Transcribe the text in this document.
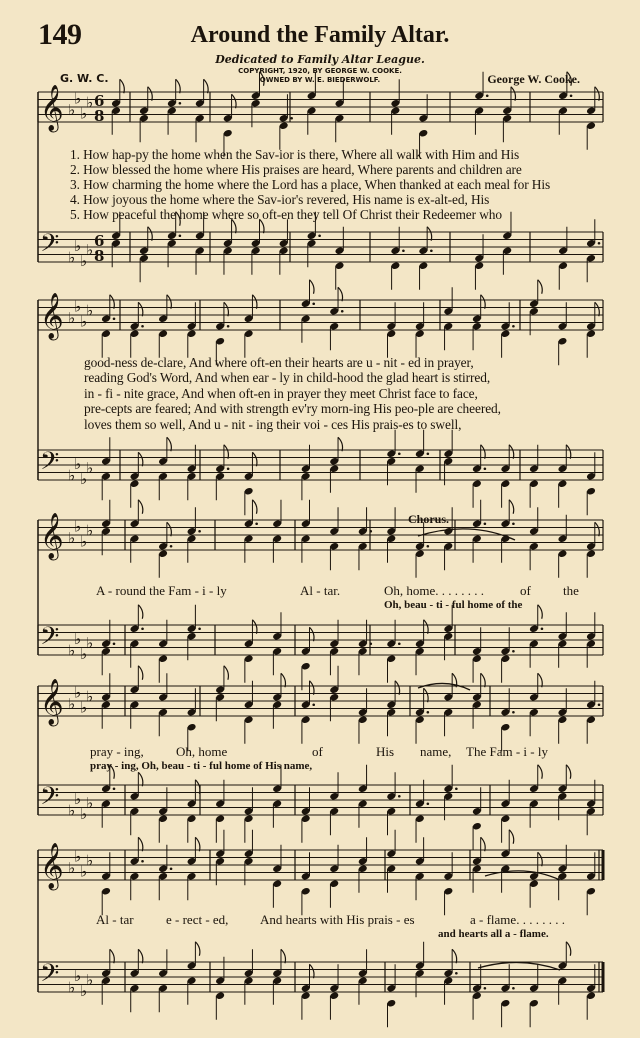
149	Around the Family Altar.
Dedicated to Family Altar League.
COPYRIGHT, 1920, BY GEORGE W. COOKE.
OWNED BY W. E. BIEDERWOLF.
G. W. C.	George W. Cooke.
𝄞 ♭
♭
♭
♭ 6
8
𝄢 ♭
♭
♭
♭ 6
8
𝄞 ♭
♭
♭
♭
𝄢 ♭
♭
♭
♭
𝄞 ♭
♭
♭
♭
𝄢 ♭
♭
♭
♭
𝄞 ♭
♭
♭
♭
𝄢 ♭
♭
♭
♭
𝄞 ♭
♭
♭
♭
𝄢 ♭
♭
♭
♭
1. How hap-py the home when the Sav-ior is there, Where all walk with Him and His
2. How blessed the home where His praises are heard, Where parents and children are
3. How charming the home where the Lord has a place, When thanked at each meal for His
4. How joyous the home where the Sav-ior's revered, His name is ex-alt-ed, His
5. How peaceful the home where so oft-en they tell Of Christ their Redeemer who
good-ness de-clare, And where oft-en their hearts are u - nit - ed in prayer,
reading God's Word, And when ear - ly in child-hood the glad heart is stirred,
in - fi - nite grace, And when oft-en in prayer they meet Christ face to face,
pre-cepts are feared; And with strength ev'ry morn-ing His peo-ple are cheered,
loves them so well, And u - nit - ing their voi - ces His prais-es to swell,
Chorus.
A - round the Fam - i - ly	Al - tar.	Oh, home. . . . . . . .	of the
Oh, beau - ti - ful home of the
pray - ing, Oh, home	of	His name, The Fam - i - ly
pray - ing, Oh, beau - ti - ful home of His name,
Al - tar e - rect - ed, And hearts with His prais - es	a - flame. . . . . . . .
and hearts all a - flame.
